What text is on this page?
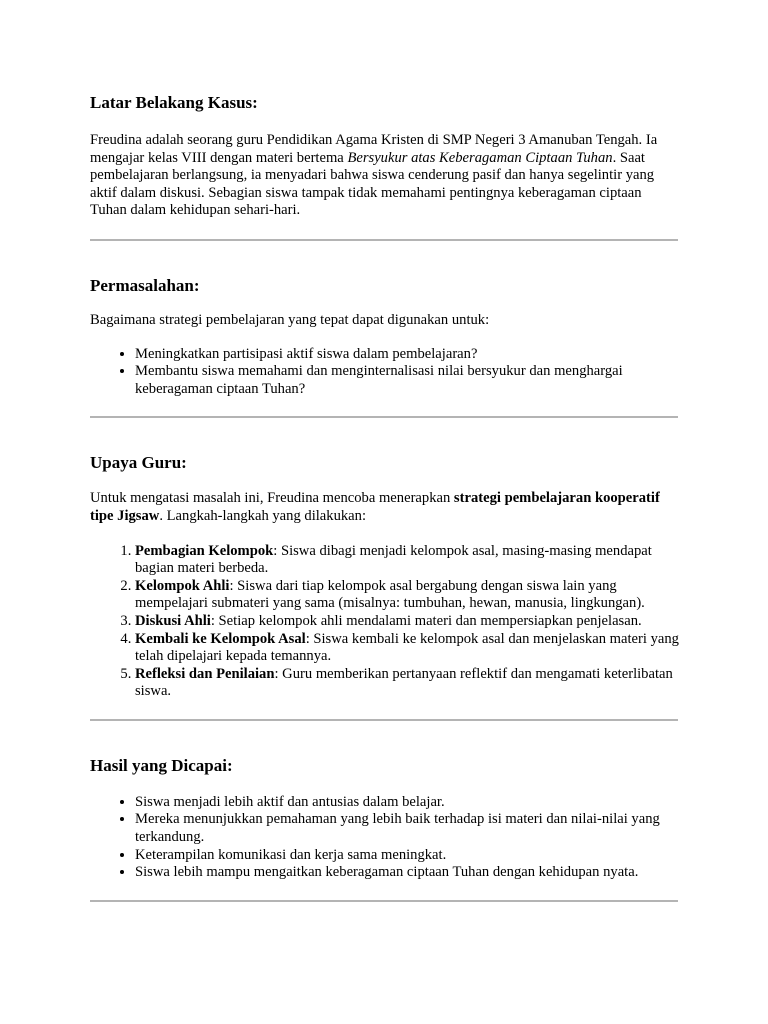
Latar Belakang Kasus:

Freudina adalah seorang guru Pendidikan Agama Kristen di SMP Negeri 3 Amanuban Tengah. Ia mengajar kelas VIII dengan materi bertema Bersyukur atas Keberagaman Ciptaan Tuhan. Saat pembelajaran berlangsung, ia menyadari bahwa siswa cenderung pasif dan hanya segelintir yang aktif dalam diskusi. Sebagian siswa tampak tidak memahami pentingnya keberagaman ciptaan Tuhan dalam kehidupan sehari-hari.

Permasalahan:

Bagaimana strategi pembelajaran yang tepat dapat digunakan untuk:

• Meningkatkan partisipasi aktif siswa dalam pembelajaran?
• Membantu siswa memahami dan menginternalisasi nilai bersyukur dan menghargai keberagaman ciptaan Tuhan?
Upaya Guru:

Untuk mengatasi masalah ini, Freudina mencoba menerapkan strategi pembelajaran kooperatif tipe Jigsaw. Langkah-langkah yang dilakukan:

1. Pembagian Kelompok: Siswa dibagi menjadi kelompok asal, masing-masing mendapat bagian materi berbeda.
2. Kelompok Ahli: Siswa dari tiap kelompok asal bergabung dengan siswa lain yang mempelajari submateri yang sama (misalnya: tumbuhan, hewan, manusia, lingkungan).
3. Diskusi Ahli: Setiap kelompok ahli mendalami materi dan mempersiapkan penjelasan.
4. Kembali ke Kelompok Asal: Siswa kembali ke kelompok asal dan menjelaskan materi yang telah dipelajari kepada temannya.
5. Refleksi dan Penilaian: Guru memberikan pertanyaan reflektif dan mengamati keterlibatan siswa.
Hasil yang Dicapai:
• Siswa menjadi lebih aktif dan antusias dalam belajar.
• Mereka menunjukkan pemahaman yang lebih baik terhadap isi materi dan nilai-nilai yang terkandung.
• Keterampilan komunikasi dan kerja sama meningkat.
• Siswa lebih mampu mengaitkan keberagaman ciptaan Tuhan dengan kehidupan nyata.
